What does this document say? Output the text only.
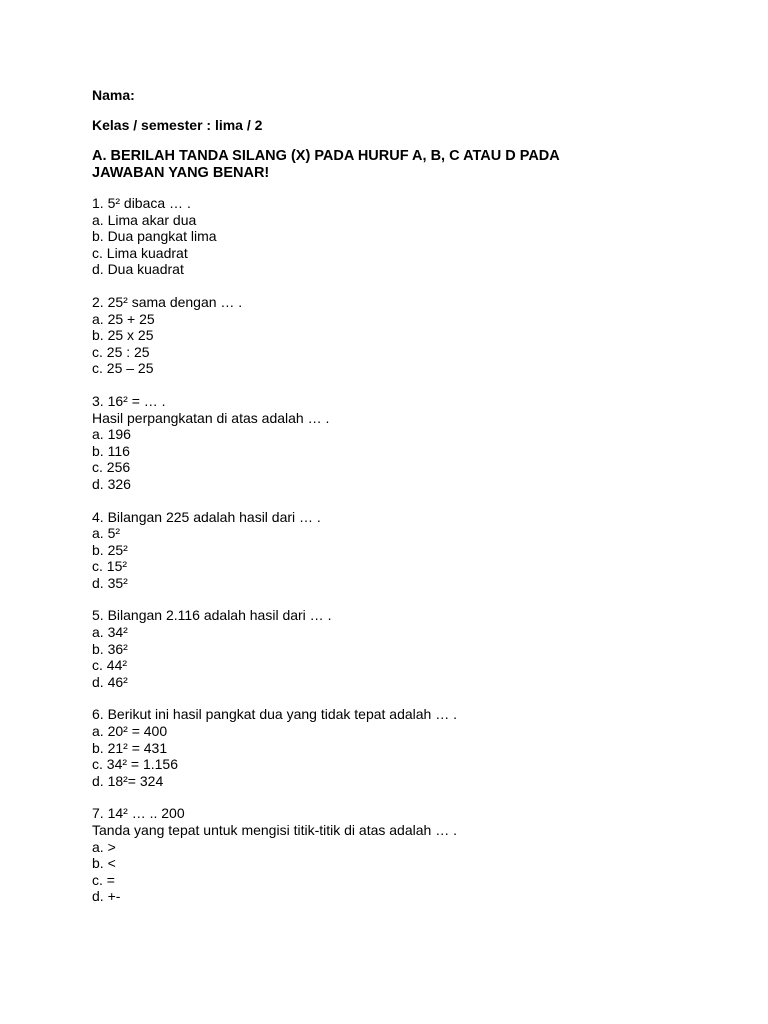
Nama:

Kelas / semester : lima / 2

A. BERILAH TANDA SILANG (X) PADA HURUF A, B, C ATAU D PADA
JAWABAN YANG BENAR!

1. 5² dibaca … .

a. Lima akar dua

b. Dua pangkat lima

c. Lima kuadrat

d. Dua kuadrat

2. 25² sama dengan … .

a. 25 + 25

b. 25 x 25

c. 25 : 25

c. 25 – 25

3. 16² = … .

Hasil perpangkatan di atas adalah … .

a. 196

b. 116

c. 256

d. 326

4. Bilangan 225 adalah hasil dari … .

a. 5²

b. 25²

c. 15²

d. 35²

5. Bilangan 2.116 adalah hasil dari … .

a. 34²

b. 36²

c. 44²

d. 46²

6. Berikut ini hasil pangkat dua yang tidak tepat adalah … .

a. 20² = 400

b. 21² = 431

c. 34² = 1.156

d. 18²= 324

7. 14² … .. 200

Tanda yang tepat untuk mengisi titik-titik di atas adalah … .

a. >

b. <

c. =

d. +-
